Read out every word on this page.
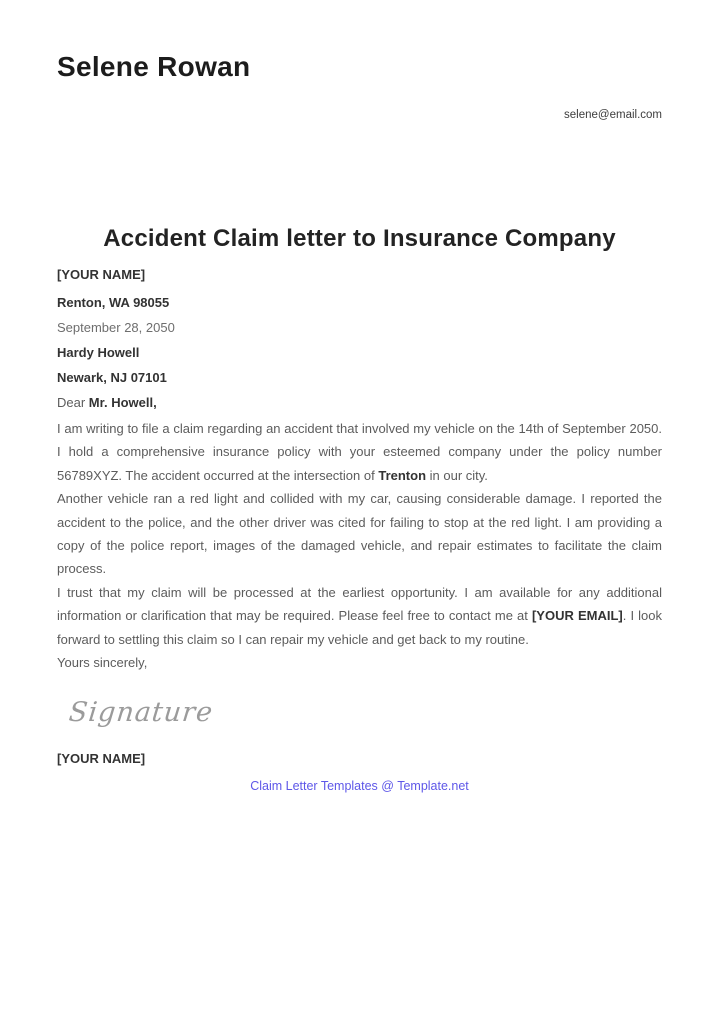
Selene Rowan
selene@email.com
Accident Claim letter to Insurance Company
[YOUR NAME]
Renton, WA 98055
September 28, 2050
Hardy Howell
Newark, NJ 07101
Dear Mr. Howell,

I am writing to file a claim regarding an accident that involved my vehicle on the 14th of September 2050. I hold a comprehensive insurance policy with your esteemed company under the policy number 56789XYZ. The accident occurred at the intersection of Trenton in our city.

Another vehicle ran a red light and collided with my car, causing considerable damage. I reported the accident to the police, and the other driver was cited for failing to stop at the red light. I am providing a copy of the police report, images of the damaged vehicle, and repair estimates to facilitate the claim process.

I trust that my claim will be processed at the earliest opportunity. I am available for any additional information or clarification that may be required. Please feel free to contact me at [YOUR EMAIL]. I look forward to settling this claim so I can repair my vehicle and get back to my routine.

Yours sincerely,
Signature
[YOUR NAME]
Claim Letter Templates @ Template.net
